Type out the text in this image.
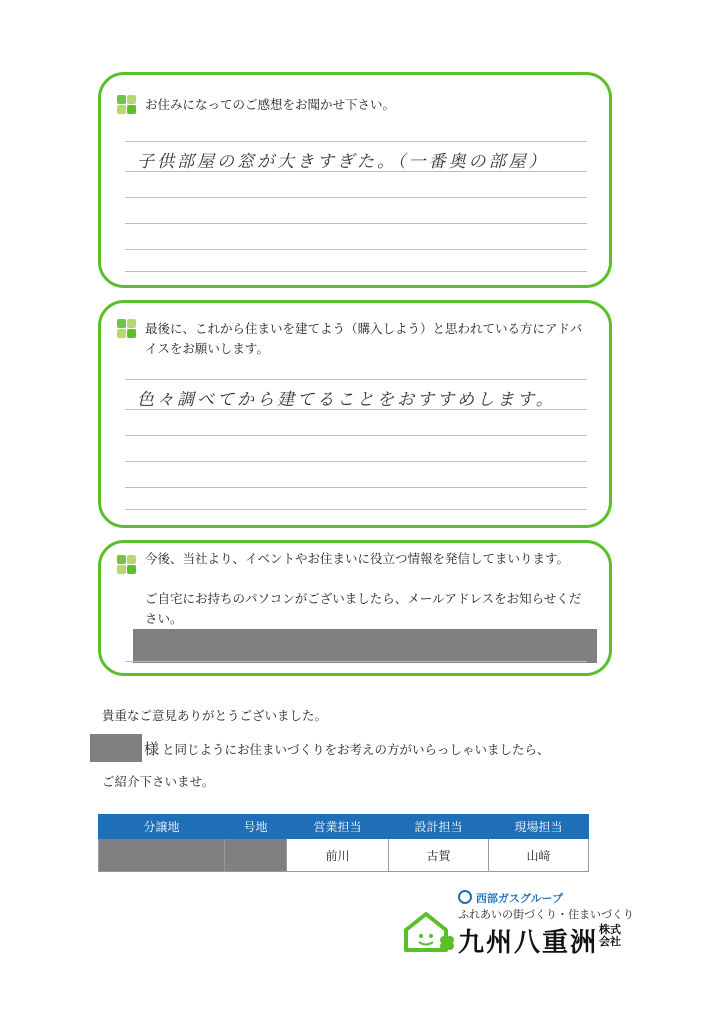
お住みになってのご感想をお聞かせ下さい。
子供部屋の窓が大きすぎた。（一番奥の部屋）
最後に、これから住まいを建てよう（購入しよう）と思われている方にアドバイスをお願いします。
色々調べてから建てることをおすすめします。
今後、当社より、イベントやお住まいに役立つ情報を発信してまいります。
ご自宅にお持ちのパソコンがございましたら、メールアドレスをお知らせください。
貴重なご意見ありがとうございました。
様 と同じようにお住まいづくりをお考えの方がいらっしゃいましたら、
ご紹介下さいませ。
分譲地	号地	営業担当	設計担当	現場担当
		前川	古賀	山﨑
西部ガスグループ
ふれあいの街づくり・住まいづくり
九州八重洲 株式会社
